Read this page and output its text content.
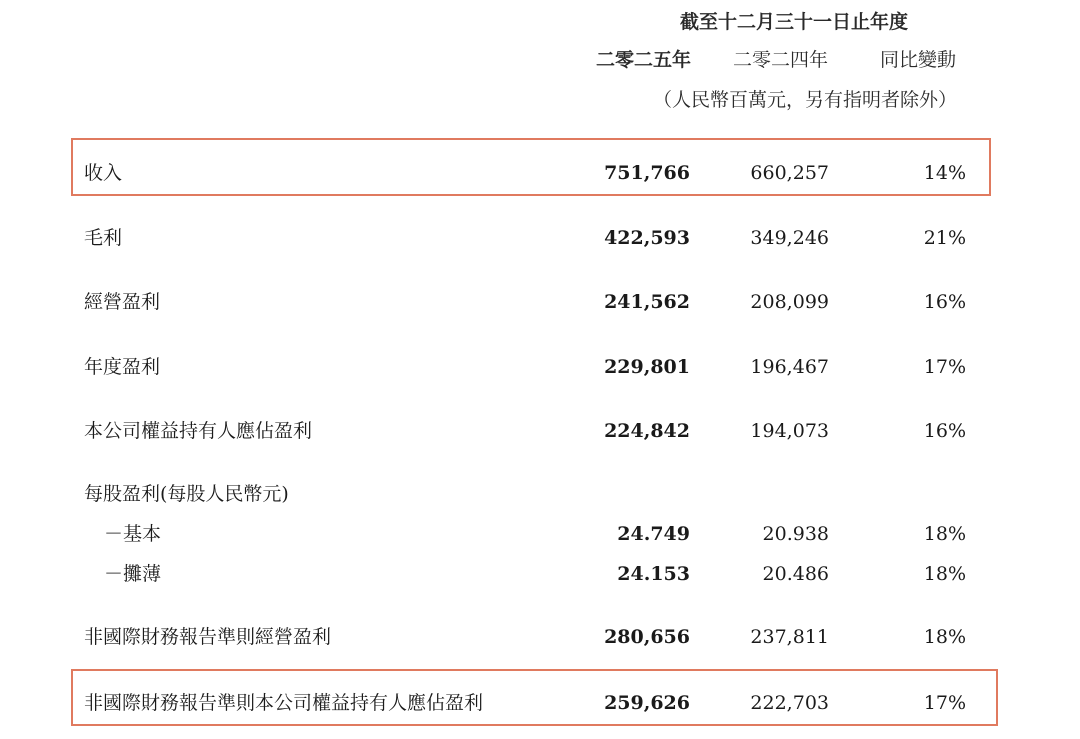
截至十二月三十一日止年度
二零二五年 二零二四年	同比變動
（人民幣百萬元，另有指明者除外）
收入	751,766	660,257	14%
毛利	422,593	349,246	21%
經營盈利	241,562	208,099	16%
年度盈利	229,801	196,467	17%
本公司權益持有人應佔盈利	224,842	194,073	16%
每股盈利(每股人民幣元)
－基本	24.749	20.938	18%
－攤薄	24.153	20.486	18%
非國際財務報告準則經營盈利	280,656	237,811	18%
非國際財務報告準則本公司權益持有人應佔盈利	259,626	222,703	17%
